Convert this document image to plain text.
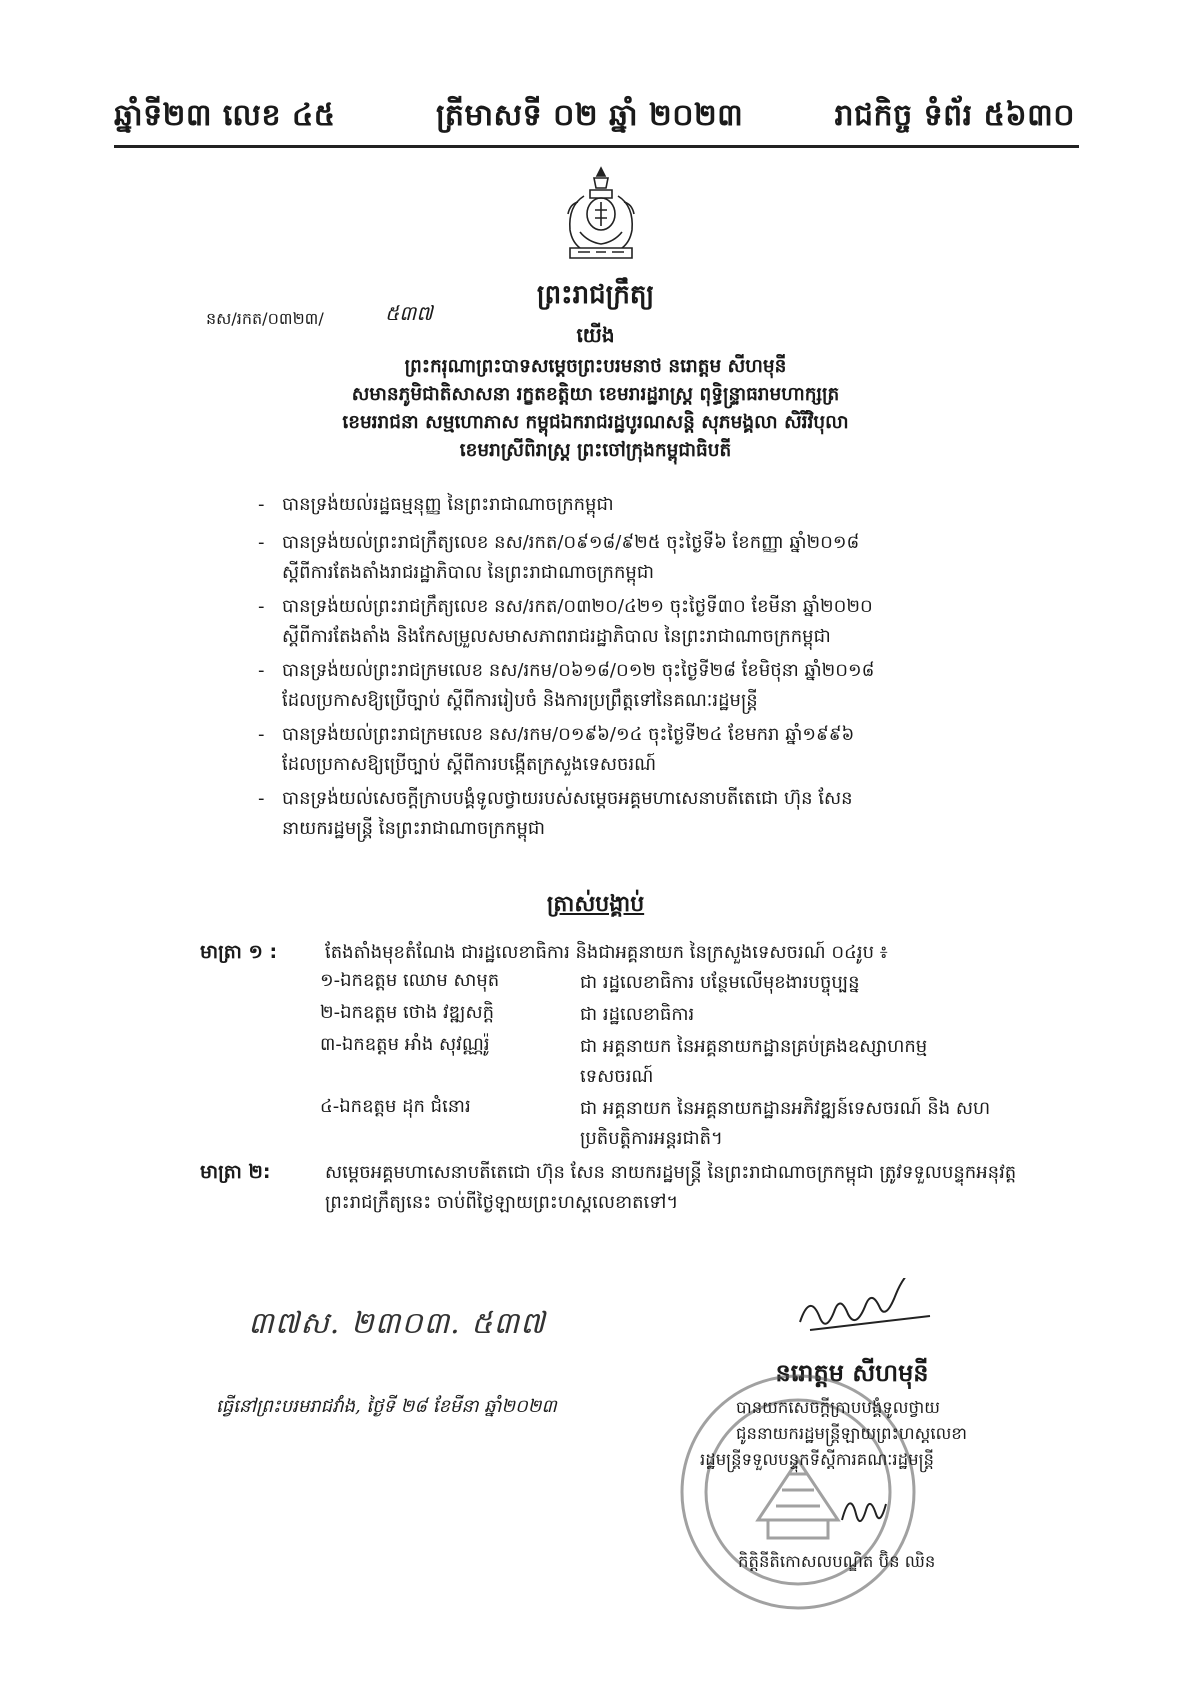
ឆ្នាំទី២៣ លេខ ៤៥	ត្រីមាសទី ០២ ឆ្នាំ ២០២៣	រាជកិច្ច ទំព័រ ៥៦៣០
ព្រះរាជក្រឹត្យ
នស/រកត/០៣២៣/	៥៣៧
យើង
ព្រះករុណាព្រះបាទសម្តេចព្រះបរមនាថ នរោត្តម សីហមុនី
សមានភូមិជាតិសាសនា រក្ខតខត្តិយា ខេមរារដ្ឋរាស្ត្រ ពុទ្ធិន្រ្ទាធរាមហាក្សត្រ
ខេមររាជនា សម្មហោភាស កម្ពុជឯករាជរដ្ឋបូរណសន្តិ សុភមង្គលា សិរីវិបុលា
ខេមរាស្រីពិរាស្ត្រ ព្រះចៅក្រុងកម្ពុជាធិបតី
- បានទ្រង់យល់រដ្ឋធម្មនុញ្ញ នៃព្រះរាជាណាចក្រកម្ពុជា
- បានទ្រង់យល់ព្រះរាជក្រឹត្យលេខ នស/រកត/០៩១៨/៩២៥ ចុះថ្ងៃទី៦ ខែកញ្ញា ឆ្នាំ២០១៨
ស្តីពីការតែងតាំងរាជរដ្ឋាភិបាល នៃព្រះរាជាណាចក្រកម្ពុជា
- បានទ្រង់យល់ព្រះរាជក្រឹត្យលេខ នស/រកត/០៣២០/៤២១ ចុះថ្ងៃទី៣០ ខែមីនា ឆ្នាំ២០២០
ស្តីពីការតែងតាំង និងកែសម្រួលសមាសភាពរាជរដ្ឋាភិបាល នៃព្រះរាជាណាចក្រកម្ពុជា
- បានទ្រង់យល់ព្រះរាជក្រមលេខ នស/រកម/០៦១៨/០១២ ចុះថ្ងៃទី២៨ ខែមិថុនា ឆ្នាំ២០១៨
ដែលប្រកាសឱ្យប្រើច្បាប់ ស្តីពីការរៀបចំ និងការប្រព្រឹត្តទៅនៃគណៈរដ្ឋមន្ត្រី
- បានទ្រង់យល់ព្រះរាជក្រមលេខ នស/រកម/០១៩៦/១៤ ចុះថ្ងៃទី២៤ ខែមករា ឆ្នាំ១៩៩៦
ដែលប្រកាសឱ្យប្រើច្បាប់ ស្តីពីការបង្កើតក្រសួងទេសចរណ៍
- បានទ្រង់យល់សេចក្តីក្រាបបង្គំទូលថ្វាយរបស់សម្តេចអគ្គមហាសេនាបតីតេជោ ហ៊ុន សែន
នាយករដ្ឋមន្ត្រី នៃព្រះរាជាណាចក្រកម្ពុជា
ត្រាស់បង្គាប់
មាត្រា ១ :	តែងតាំងមុខតំណែង ជារដ្ឋលេខាធិការ និងជាអគ្គនាយក នៃក្រសួងទេសចរណ៍ ០៤រូប ៖
១-ឯកឧត្តម ឈោម សាមុត	ជា រដ្ឋលេខាធិការ បន្ថែមលើមុខងារបច្ចុប្បន្ន
២-ឯកឧត្តម ថោង វឌ្ឍសក្តិ	ជា រដ្ឋលេខាធិការ
៣-ឯកឧត្តម អាំង សុវណ្ណរ៉ូ	ជា អគ្គនាយក នៃអគ្គនាយកដ្ឋានគ្រប់គ្រងឧស្សាហកម្ម ទេសចរណ៍
៤-ឯកឧត្តម ដុក ជំនោរ	ជា អគ្គនាយក នៃអគ្គនាយកដ្ឋានអភិវឌ្ឍន៍ទេសចរណ៍ និង សហប្រតិបត្តិការអន្តរជាតិ។
មាត្រា ២:	សម្តេចអគ្គមហាសេនាបតីតេជោ ហ៊ុន សែន នាយករដ្ឋមន្ត្រី នៃព្រះរាជាណាចក្រកម្ពុជា ត្រូវទទួលបន្ទុកអនុវត្តព្រះរាជក្រឹត្យនេះ ចាប់ពីថ្ងៃឡាយព្រះហស្តលេខាតទៅ។
៣៧ស. ២៣០៣. ៥៣៧
ធ្វើនៅព្រះបរមរាជវាំង, ថ្ងៃទី ២៨ ខែមីនា ឆ្នាំ២០២៣
នរោត្តម សីហមុនី
បានយកសេចក្តីក្រាបបង្គំទូលថ្វាយ
ជូននាយករដ្ឋមន្ត្រីឡាយព្រះហស្តលេខា
រដ្ឋមន្ត្រីទទួលបន្ទុកទីស្តីការគណៈរដ្ឋមន្ត្រី
កិត្តិនីតិកោសលបណ្ឌិត ប៊ិន ឈិន
